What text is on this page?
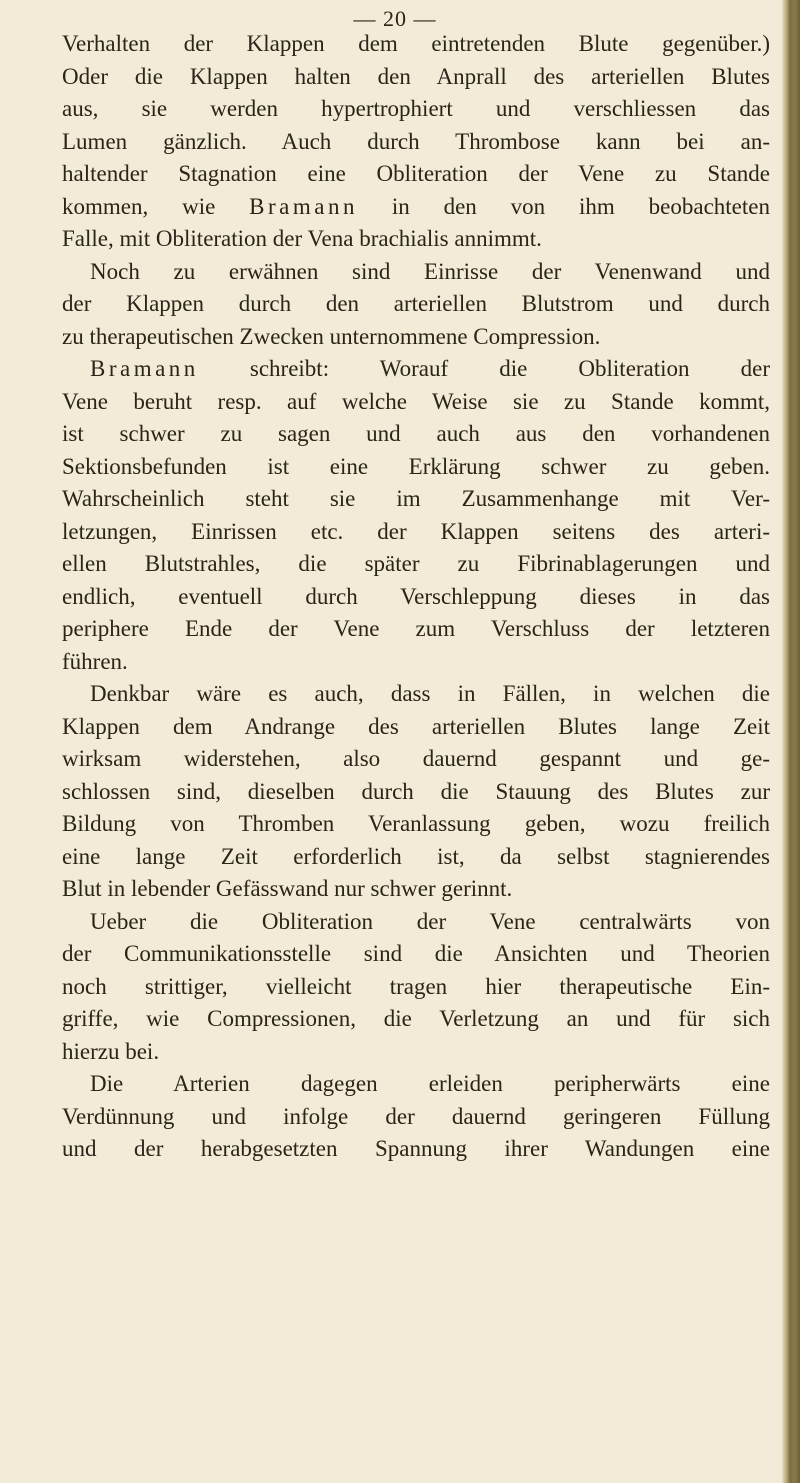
— 20 —
Verhalten der Klappen dem eintretenden Blute gegenüber.)
Oder die Klappen halten den Anprall des arteriellen Blutes
aus, sie werden hypertrophiert und verschliessen das
Lumen gänzlich. Auch durch Thrombose kann bei an-
haltender Stagnation eine Obliteration der Vene zu Stande
kommen, wie Bramann in den von ihm beobachteten
Falle, mit Obliteration der Vena brachialis annimmt.
Noch zu erwähnen sind Einrisse der Venenwand und
der Klappen durch den arteriellen Blutstrom und durch
zu therapeutischen Zwecken unternommene Compression.
Bramann schreibt: Worauf die Obliteration der
Vene beruht resp. auf welche Weise sie zu Stande kommt,
ist schwer zu sagen und auch aus den vorhandenen
Sektionsbefunden ist eine Erklärung schwer zu geben.
Wahrscheinlich steht sie im Zusammenhange mit Ver-
letzungen, Einrissen etc. der Klappen seitens des arteri-
ellen Blutstrahles, die später zu Fibrinablagerungen und
endlich, eventuell durch Verschleppung dieses in das
periphere Ende der Vene zum Verschluss der letzteren
führen.
Denkbar wäre es auch, dass in Fällen, in welchen die
Klappen dem Andrange des arteriellen Blutes lange Zeit
wirksam widerstehen, also dauernd gespannt und ge-
schlossen sind, dieselben durch die Stauung des Blutes zur
Bildung von Thromben Veranlassung geben, wozu freilich
eine lange Zeit erforderlich ist, da selbst stagnierendes
Blut in lebender Gefässwand nur schwer gerinnt.
Ueber die Obliteration der Vene centralwärts von
der Communikationsstelle sind die Ansichten und Theorien
noch strittiger, vielleicht tragen hier therapeutische Ein-
griffe, wie Compressionen, die Verletzung an und für sich
hierzu bei.
Die Arterien dagegen erleiden peripherwärts eine
Verdünnung und infolge der dauernd geringeren Füllung
und der herabgesetzten Spannung ihrer Wandungen eine
